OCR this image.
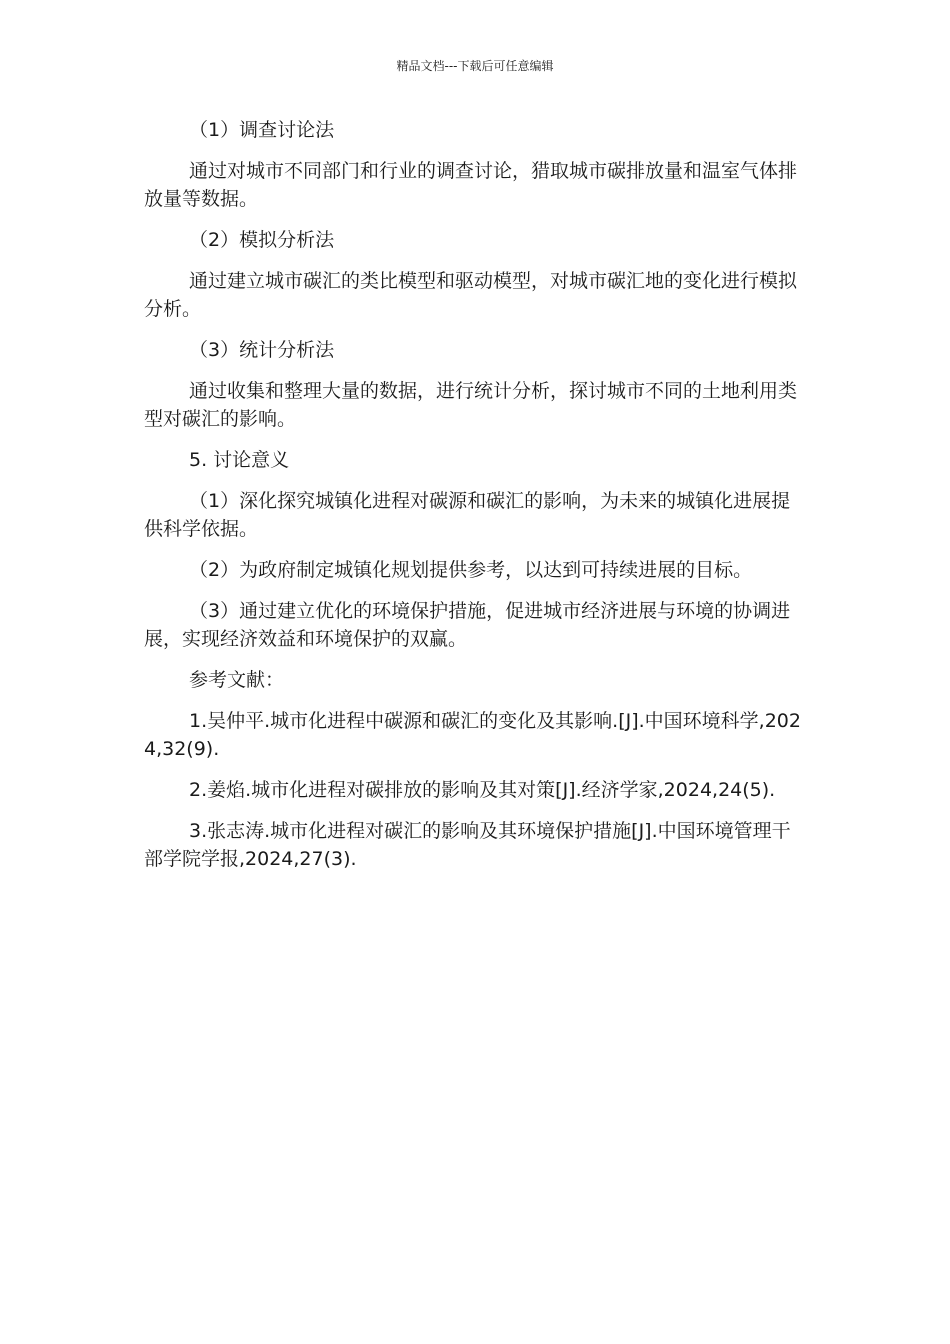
精品文档---下载后可任意编辑

（1）调查讨论法

通过对城市不同部门和行业的调查讨论，猎取城市碳排放量和温室气体排放量等数据。

（2）模拟分析法

通过建立城市碳汇的类比模型和驱动模型，对城市碳汇地的变化进行模拟分析。

（3）统计分析法

通过收集和整理大量的数据，进行统计分析，探讨城市不同的土地利用类型对碳汇的影响。

5. 讨论意义

（1）深化探究城镇化进程对碳源和碳汇的影响，为未来的城镇化进展提供科学依据。

（2）为政府制定城镇化规划提供参考，以达到可持续进展的目标。

（3）通过建立优化的环境保护措施，促进城市经济进展与环境的协调进展，实现经济效益和环境保护的双赢。

参考文献：

1.吴仲平.城市化进程中碳源和碳汇的变化及其影响.[J].中国环境科学,2024,32(9).

2.姜焰.城市化进程对碳排放的影响及其对策[J].经济学家,2024,24(5).

3.张志涛.城市化进程对碳汇的影响及其环境保护措施[J].中国环境管理干部学院学报,2024,27(3).
